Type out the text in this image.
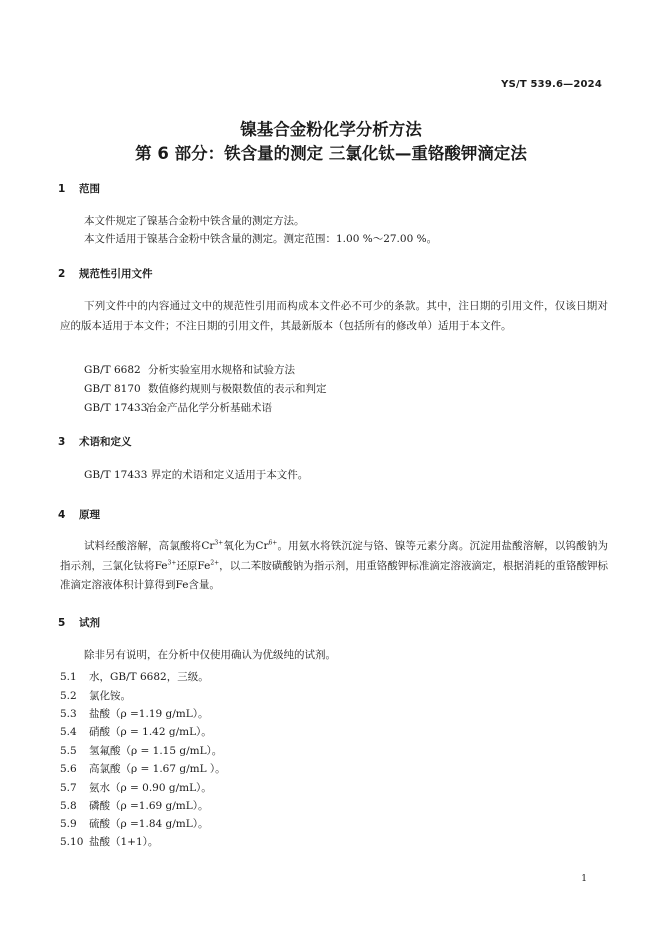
YS/T 539.6—2024
镍基合金粉化学分析方法
第 6 部分：铁含量的测定 三氯化钛—重铬酸钾滴定法
1 范围
本文件规定了镍基合金粉中铁含量的测定方法。
本文件适用于镍基合金粉中铁含量的测定。测定范围：1.00 %～27.00 %。
2 规范性引用文件
下列文件中的内容通过文中的规范性引用而构成本文件必不可少的条款。其中，注日期的引用文件，仅该日期对应的版本适用于本文件；不注日期的引用文件，其最新版本（包括所有的修改单）适用于本文件。
GB/T 6682 分析实验室用水规格和试验方法
GB/T 8170 数值修约规则与极限数值的表示和判定
GB/T 17433冶金产品化学分析基础术语
3 术语和定义
GB/T 17433 界定的术语和定义适用于本文件。
4 原理
试料经酸溶解，高氯酸将$Cr^{3+}$氧化为$Cr^{6+}$。用氨水将铁沉淀与铬、镍等元素分离。沉淀用盐酸溶解，以钨酸钠为指示剂，三氯化钛将$Fe^{3+}$还原$Fe^{2+}$，以二苯胺磺酸钠为指示剂，用重铬酸钾标准滴定溶液滴定，根据消耗的重铬酸钾标准滴定溶液体积计算得到Fe含量。
5 试剂
除非另有说明，在分析中仅使用确认为优级纯的试剂。
5.1 水，GB/T 6682，三级。
5.2 氯化铵。
5.3 盐酸（ρ =1.19 g/mL）。
5.4 硝酸（ρ = 1.42 g/mL）。
5.5 氢氟酸（ρ = 1.15 g/mL）。
5.6 高氯酸（ρ = 1.67 g/mL ）。
5.7 氨水（ρ = 0.90 g/mL）。
5.8 磷酸（ρ =1.69 g/mL）。
5.9 硫酸（ρ =1.84 g/mL）。
5.10 盐酸（1+1）。
1
